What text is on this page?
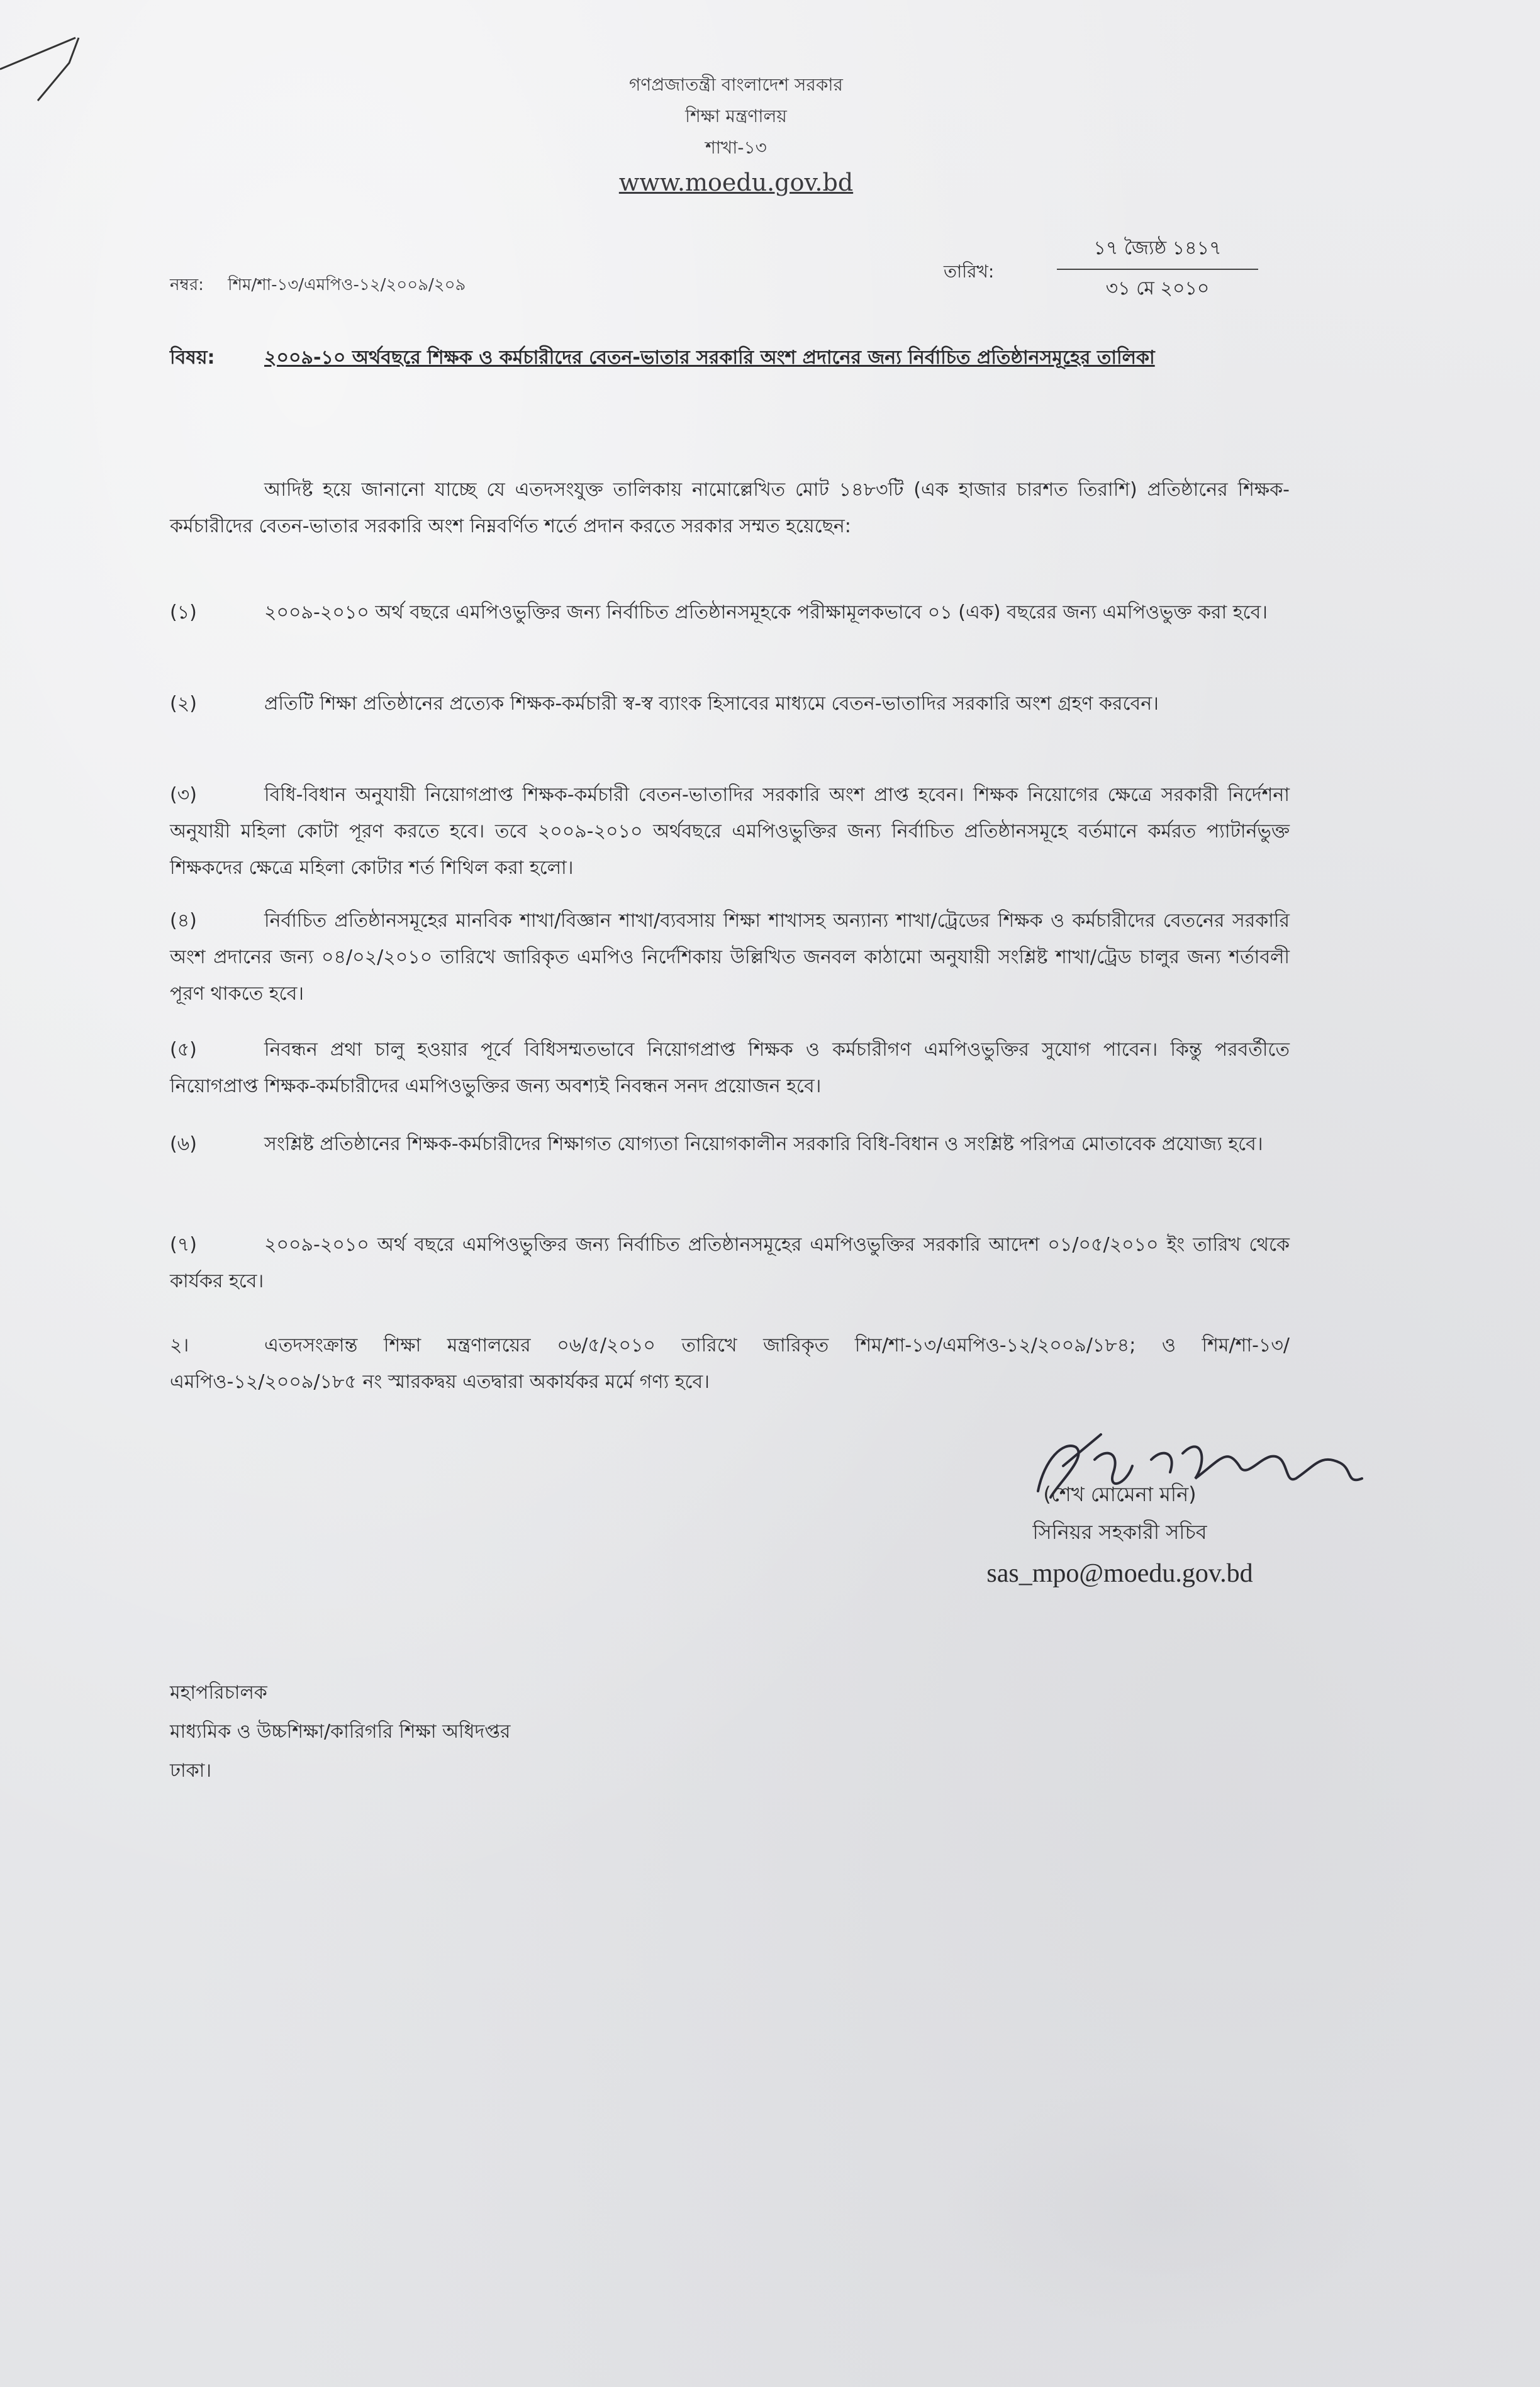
গণপ্রজাতন্ত্রী বাংলাদেশ সরকার
শিক্ষা মন্ত্রণালয়
শাখা-১৩
www.moedu.gov.bd
নম্বর: শিম/শা-১৩/এমপিও-১২/২০০৯/২০৯
তারিখ:
১৭ জ্যৈষ্ঠ ১৪১৭
৩১ মে ২০১০
বিষয়:	২০০৯-১০ অর্থবছরে শিক্ষক ও কর্মচারীদের বেতন-ভাতার সরকারি অংশ প্রদানের জন্য নির্বাচিত প্রতিষ্ঠানসমূহের তালিকা
আদিষ্ট হয়ে জানানো যাচ্ছে যে এতদসংযুক্ত তালিকায় নামোল্লেখিত মোট ১৪৮৩টি (এক হাজার চারশত তিরাশি) প্রতিষ্ঠানের শিক্ষক-কর্মচারীদের বেতন-ভাতার সরকারি অংশ নিম্নবর্ণিত শর্তে প্রদান করতে সরকার সম্মত হয়েছেন:
(১)	২০০৯-২০১০ অর্থ বছরে এমপিওভুক্তির জন্য নির্বাচিত প্রতিষ্ঠানসমূহকে পরীক্ষামূলকভাবে ০১ (এক) বছরের জন্য এমপিওভুক্ত করা হবে।
(২)	প্রতিটি শিক্ষা প্রতিষ্ঠানের প্রত্যেক শিক্ষক-কর্মচারী স্ব-স্ব ব্যাংক হিসাবের মাধ্যমে বেতন-ভাতাদির সরকারি অংশ গ্রহণ করবেন।
(৩)	বিধি-বিধান অনুযায়ী নিয়োগপ্রাপ্ত শিক্ষক-কর্মচারী বেতন-ভাতাদির সরকারি অংশ প্রাপ্ত হবেন। শিক্ষক নিয়োগের ক্ষেত্রে সরকারী নির্দেশনা অনুযায়ী মহিলা কোটা পূরণ করতে হবে। তবে ২০০৯-২০১০ অর্থবছরে এমপিওভুক্তির জন্য নির্বাচিত প্রতিষ্ঠানসমূহে বর্তমানে কর্মরত প্যাটার্নভুক্ত শিক্ষকদের ক্ষেত্রে মহিলা কোটার শর্ত শিথিল করা হলো।
(৪)	নির্বাচিত প্রতিষ্ঠানসমূহের মানবিক শাখা/বিজ্ঞান শাখা/ব্যবসায় শিক্ষা শাখাসহ অন্যান্য শাখা/ট্রেডের শিক্ষক ও কর্মচারীদের বেতনের সরকারি অংশ প্রদানের জন্য ০৪/০২/২০১০ তারিখে জারিকৃত এমপিও নির্দেশিকায় উল্লিখিত জনবল কাঠামো অনুযায়ী সংশ্লিষ্ট শাখা/ট্রেড চালুর জন্য শর্তাবলী পূরণ থাকতে হবে।
(৫)	নিবন্ধন প্রথা চালু হওয়ার পূর্বে বিধিসম্মতভাবে নিয়োগপ্রাপ্ত শিক্ষক ও কর্মচারীগণ এমপিওভুক্তির সুযোগ পাবেন। কিন্তু পরবর্তীতে নিয়োগপ্রাপ্ত শিক্ষক-কর্মচারীদের এমপিওভুক্তির জন্য অবশ্যই নিবন্ধন সনদ প্রয়োজন হবে।
(৬)	সংশ্লিষ্ট প্রতিষ্ঠানের শিক্ষক-কর্মচারীদের শিক্ষাগত যোগ্যতা নিয়োগকালীন সরকারি বিধি-বিধান ও সংশ্লিষ্ট পরিপত্র মোতাবেক প্রযোজ্য হবে।
(৭)	২০০৯-২০১০ অর্থ বছরে এমপিওভুক্তির জন্য নির্বাচিত প্রতিষ্ঠানসমূহের এমপিওভুক্তির সরকারি আদেশ ০১/০৫/২০১০ ইং তারিখ থেকে কার্যকর হবে।
২।	এতদসংক্রান্ত শিক্ষা মন্ত্রণালয়ের ০৬/৫/২০১০ তারিখে জারিকৃত শিম/শা-১৩/এমপিও-১২/২০০৯/১৮৪; ও শিম/শা-১৩/এমপিও-১২/২০০৯/১৮৫ নং স্মারকদ্বয় এতদ্বারা অকার্যকর মর্মে গণ্য হবে।
(শেখ মোমেনা মনি)
সিনিয়র সহকারী সচিব
sas_mpo@moedu.gov.bd
মহাপরিচালক
মাধ্যমিক ও উচ্চশিক্ষা/কারিগরি শিক্ষা অধিদপ্তর
ঢাকা।
